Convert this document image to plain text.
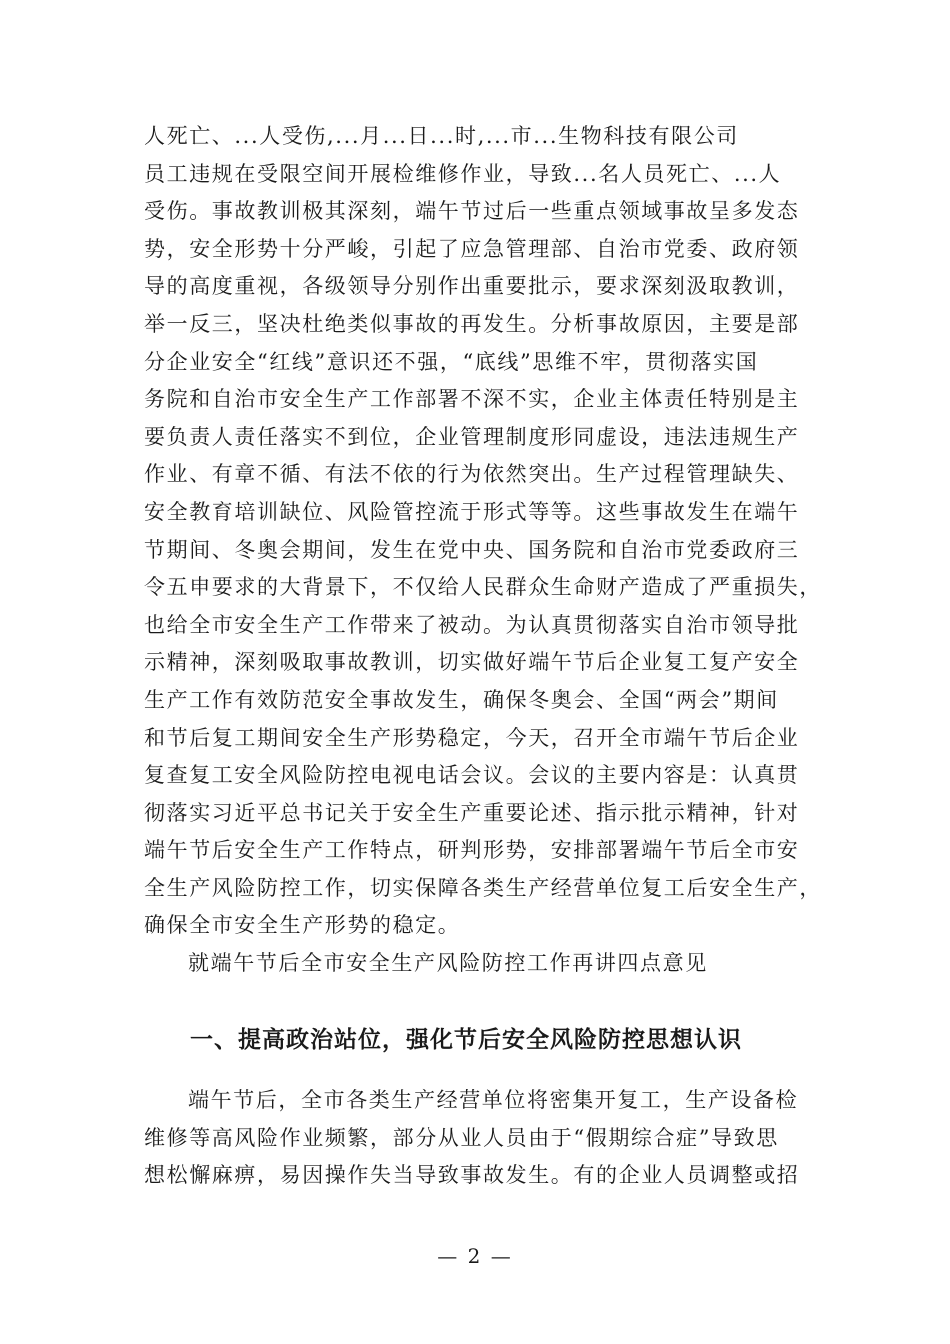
人死亡、...人受伤,...月...日...时,...市...生物科技有限公司
员工违规在受限空间开展检维修作业，导致...名人员死亡、...人
受伤。事故教训极其深刻，端午节过后一些重点领域事故呈多发态
势，安全形势十分严峻，引起了应急管理部、自治市党委、政府领
导的高度重视，各级领导分别作出重要批示，要求深刻汲取教训，
举一反三，坚决杜绝类似事故的再发生。分析事故原因，主要是部
分企业安全“红线”意识还不强，“底线”思维不牢，贯彻落实国
务院和自治市安全生产工作部署不深不实，企业主体责任特别是主
要负责人责任落实不到位，企业管理制度形同虚设，违法违规生产
作业、有章不循、有法不依的行为依然突出。生产过程管理缺失、
安全教育培训缺位、风险管控流于形式等等。这些事故发生在端午
节期间、冬奥会期间，发生在党中央、国务院和自治市党委政府三
令五申要求的大背景下，不仅给人民群众生命财产造成了严重损失，
也给全市安全生产工作带来了被动。为认真贯彻落实自治市领导批
示精神，深刻吸取事故教训，切实做好端午节后企业复工复产安全
生产工作有效防范安全事故发生，确保冬奥会、全国“两会”期间
和节后复工期间安全生产形势稳定，今天，召开全市端午节后企业
复查复工安全风险防控电视电话会议。会议的主要内容是：认真贯
彻落实习近平总书记关于安全生产重要论述、指示批示精神，针对
端午节后安全生产工作特点，研判形势，安排部署端午节后全市安
全生产风险防控工作，切实保障各类生产经营单位复工后安全生产，
确保全市安全生产形势的稳定。
就端午节后全市安全生产风险防控工作再讲四点意见
一、提高政治站位，强化节后安全风险防控思想认识
端午节后，全市各类生产经营单位将密集开复工，生产设备检
维修等高风险作业频繁，部分从业人员由于“假期综合症”导致思
想松懈麻痹，易因操作失当导致事故发生。有的企业人员调整或招
— 2 —
